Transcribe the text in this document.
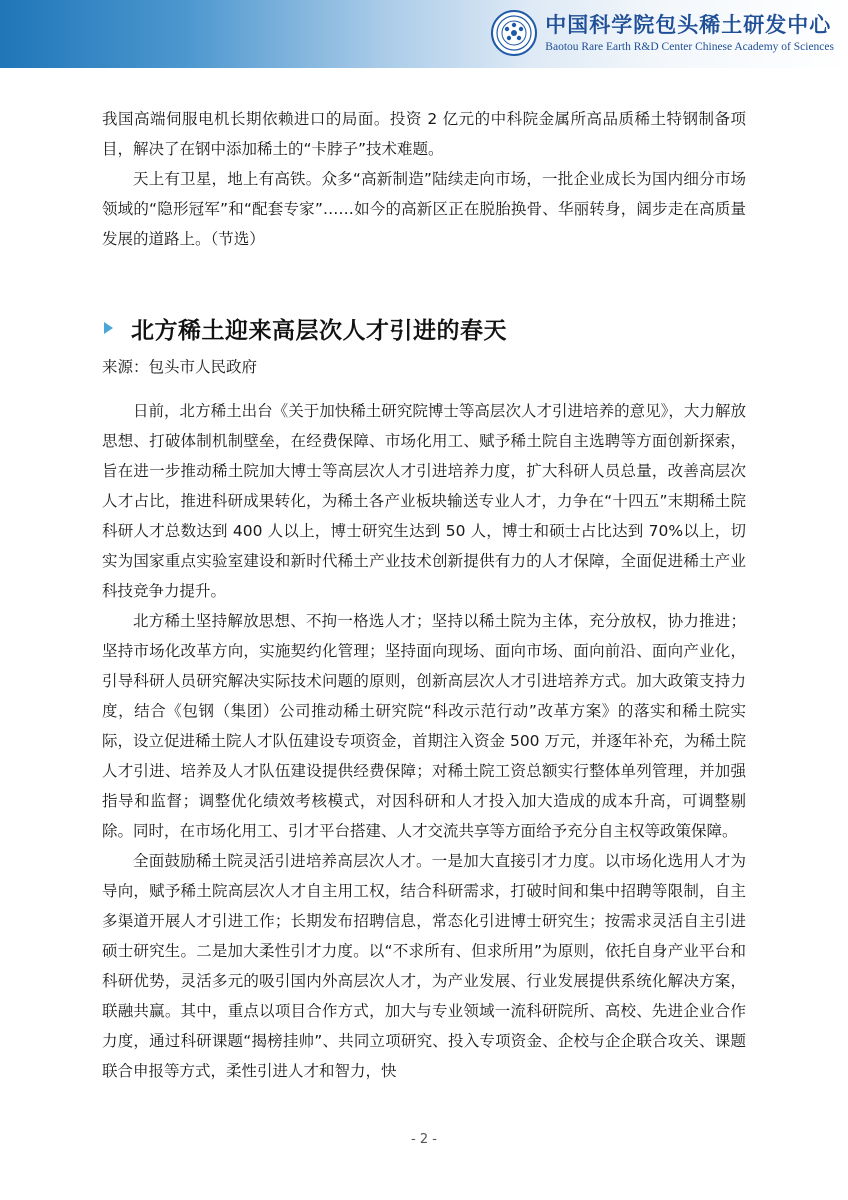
中国科学院包头稀土研发中心
Baotou Rare Earth R&D Center Chinese Academy of Sciences

我国高端伺服电机长期依赖进口的局面。投资 2 亿元的中科院金属所高品质稀土特钢制备项目，解决了在钢中添加稀土的“卡脖子”技术难题。

天上有卫星，地上有高铁。众多“高新制造”陆续走向市场，一批企业成长为国内细分市场领域的“隐形冠军”和“配套专家”……如今的高新区正在脱胎换骨、华丽转身，阔步走在高质量发展的道路上。（节选）

北方稀土迎来高层次人才引进的春天
来源：包头市人民政府

日前，北方稀土出台《关于加快稀土研究院博士等高层次人才引进培养的意见》，大力解放思想、打破体制机制壁垒，在经费保障、市场化用工、赋予稀土院自主选聘等方面创新探索，旨在进一步推动稀土院加大博士等高层次人才引进培养力度，扩大科研人员总量，改善高层次人才占比，推进科研成果转化，为稀土各产业板块输送专业人才，力争在“十四五”末期稀土院科研人才总数达到 400 人以上，博士研究生达到 50 人，博士和硕士占比达到 70%以上，切实为国家重点实验室建设和新时代稀土产业技术创新提供有力的人才保障，全面促进稀土产业科技竞争力提升。

北方稀土坚持解放思想、不拘一格选人才；坚持以稀土院为主体，充分放权，协力推进；坚持市场化改革方向，实施契约化管理；坚持面向现场、面向市场、面向前沿、面向产业化，引导科研人员研究解决实际技术问题的原则，创新高层次人才引进培养方式。加大政策支持力度，结合《包钢（集团）公司推动稀土研究院“科改示范行动”改革方案》的落实和稀土院实际，设立促进稀土院人才队伍建设专项资金，首期注入资金 500 万元，并逐年补充，为稀土院人才引进、培养及人才队伍建设提供经费保障；对稀土院工资总额实行整体单列管理，并加强指导和监督；调整优化绩效考核模式，对因科研和人才投入加大造成的成本升高，可调整剔除。同时，在市场化用工、引才平台搭建、人才交流共享等方面给予充分自主权等政策保障。

全面鼓励稀土院灵活引进培养高层次人才。一是加大直接引才力度。以市场化选用人才为导向，赋予稀土院高层次人才自主用工权，结合科研需求，打破时间和集中招聘等限制，自主多渠道开展人才引进工作；长期发布招聘信息，常态化引进博士研究生；按需求灵活自主引进硕士研究生。二是加大柔性引才力度。以“不求所有、但求所用”为原则，依托自身产业平台和科研优势，灵活多元的吸引国内外高层次人才，为产业发展、行业发展提供系统化解决方案，联融共赢。其中，重点以项目合作方式，加大与专业领域一流科研院所、高校、先进企业合作力度，通过科研课题“揭榜挂帅”、共同立项研究、投入专项资金、企校与企企联合攻关、课题联合申报等方式，柔性引进人才和智力，快

- 2 -
